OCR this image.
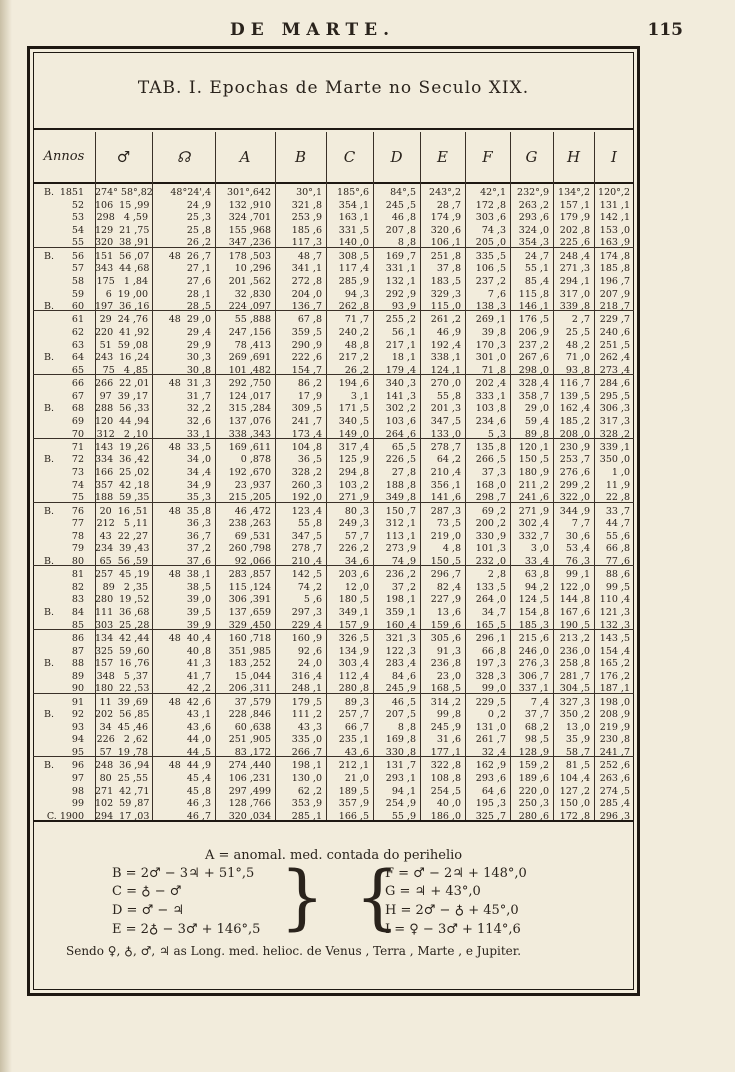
DE MARTE.	115
TAB. I. Epochas de Marte no Seculo XIX.
Annos	♂	☊	A	B	C	D	E	F	G	H	I
B. 1851 274° 58°,82	48°24',4	301°,642	30°,1	185°,6	84°,5	243°,2	42°,1	232°,9 134°,2 120°,2
52 106  15 ,99	24 ,9	132 ,910	321 ,8	354 ,1	245 ,5	28 ,7	172 ,8	263 ,2	157 ,1	131 ,1
53 298   4 ,59	25 ,3	324 ,701	253 ,9	163 ,1	46 ,8	174 ,9	303 ,6	293 ,6	179 ,9	142 ,1
54 129  21 ,75	25 ,8	155 ,968	185 ,6	331 ,5	207 ,8	320 ,6	74 ,3	324 ,0	202 ,8	153 ,0
55 320  38 ,91	26 ,2	347 ,236	117 ,3	140 ,0	8 ,8	106 ,1	205 ,0	354 ,3	225 ,6	163 ,9
B.	56 151  56 ,07	48  26 ,7	178 ,503	48 ,7	308 ,5	169 ,7	251 ,8	335 ,5	24 ,7	248 ,4	174 ,8
57 343  44 ,68	27 ,1	10 ,296	341 ,1	117 ,4	331 ,1	37 ,8	106 ,5	55 ,1	271 ,3	185 ,8
58 175   1 ,84	27 ,6	201 ,562	272 ,8	285 ,9	132 ,1	183 ,5	237 ,2	85 ,4	294 ,1	196 ,7
59	6  19 ,00	28 ,1	32 ,830	204 ,0	94 ,3	292 ,9	329 ,3	7 ,6	115 ,8	317 ,0	207 ,9
B.	60 197  36 ,16	28 ,5	224 ,097	136 ,7	262 ,8	93 ,9	115 ,0	138 ,3	146 ,1	339 ,8	218 ,7
61	29  24 ,76	48  29 ,0	55 ,888	67 ,8	71 ,7	255 ,2	261 ,2	269 ,1	176 ,5	2 ,7	229 ,7
62 220  41 ,92	29 ,4	247 ,156	359 ,5	240 ,2	56 ,1	46 ,9	39 ,8	206 ,9	25 ,5	240 ,6
63	51  59 ,08	29 ,9	78 ,413	290 ,9	48 ,8	217 ,1	192 ,4	170 ,3	237 ,2	48 ,2	251 ,5
B.	64 243  16 ,24	30 ,3	269 ,691	222 ,6	217 ,2	18 ,1	338 ,1	301 ,0	267 ,6	71 ,0	262 ,4
65	75   4 ,85	30 ,8	101 ,482	154 ,7	26 ,2	179 ,4	124 ,1	71 ,8	298 ,0	93 ,8	273 ,4
66 266  22 ,01	48  31 ,3	292 ,750	86 ,2	194 ,6	340 ,3	270 ,0	202 ,4	328 ,4	116 ,7	284 ,6
67	97  39 ,17	31 ,7	124 ,017	17 ,9	3 ,1	141 ,3	55 ,8	333 ,1	358 ,7	139 ,5	295 ,5
B.	68 288  56 ,33	32 ,2	315 ,284	309 ,5	171 ,5	302 ,2	201 ,3	103 ,8	29 ,0	162 ,4	306 ,3
69 120  44 ,94	32 ,6	137 ,076	241 ,7	340 ,5	103 ,6	347 ,5	234 ,6	59 ,4	185 ,2	317 ,3
70 312   2 ,10	33 ,1	338 ,343	173 ,4	149 ,0	264 ,6	133 ,0	5 ,3	89 ,8	208 ,0	328 ,2
71 143  19 ,26	48  33 ,5	169 ,611	104 ,8	317 ,4	65 ,5	278 ,7	135 ,8	120 ,1	230 ,9	339 ,1
B.	72 334  36 ,42	34 ,0	0 ,878	36 ,5	125 ,9	226 ,5	64 ,2	266 ,5	150 ,5	253 ,7	350 ,0
73 166  25 ,02	34 ,4	192 ,670	328 ,2	294 ,8	27 ,8	210 ,4	37 ,3	180 ,9	276 ,6	1 ,0
74 357  42 ,18	34 ,9	23 ,937	260 ,3	103 ,2	188 ,8	356 ,1	168 ,0	211 ,2	299 ,2	11 ,9
75 188  59 ,35	35 ,3	215 ,205	192 ,0	271 ,9	349 ,8	141 ,6	298 ,7	241 ,6	322 ,0	22 ,8
B.	76	20  16 ,51	48  35 ,8	46 ,472	123 ,4	80 ,3	150 ,7	287 ,3	69 ,2	271 ,9	344 ,9	33 ,7
77 212   5 ,11	36 ,3	238 ,263	55 ,8	249 ,3	312 ,1	73 ,5	200 ,2	302 ,4	7 ,7	44 ,7
78	43  22 ,27	36 ,7	69 ,531	347 ,5	57 ,7	113 ,1	219 ,0	330 ,9	332 ,7	30 ,6	55 ,6
79 234  39 ,43	37 ,2	260 ,798	278 ,7	226 ,2	273 ,9	4 ,8	101 ,3	3 ,0	53 ,4	66 ,8
B.	80	65  56 ,59	37 ,6	92 ,066	210 ,4	34 ,6	74 ,9	150 ,5	232 ,0	33 ,4	76 ,3	77 ,6
81 257  45 ,19	48  38 ,1	283 ,857	142 ,5	203 ,6	236 ,2	296 ,7	2 ,8	63 ,8	99 ,1	88 ,6
82	89   2 ,35	38 ,5	115 ,124	74 ,2	12 ,0	37 ,2	82 ,4	133 ,5	94 ,2	122 ,0	99 ,5
83 280  19 ,52	39 ,0	306 ,391	5 ,6	180 ,5	198 ,1	227 ,9	264 ,0	124 ,5	144 ,8	110 ,4
B.	84 111  36 ,68	39 ,5	137 ,659	297 ,3	349 ,1	359 ,1	13 ,6	34 ,7	154 ,8	167 ,6	121 ,3
85 303  25 ,28	39 ,9	329 ,450	229 ,4	157 ,9	160 ,4	159 ,6	165 ,5	185 ,3	190 ,5	132 ,3
86 134  42 ,44	48  40 ,4	160 ,718	160 ,9	326 ,5	321 ,3	305 ,6	296 ,1	215 ,6	213 ,2	143 ,5
87 325  59 ,60	40 ,8	351 ,985	92 ,6	134 ,9	122 ,3	91 ,3	66 ,8	246 ,0	236 ,0	154 ,4
B.	88 157  16 ,76	41 ,3	183 ,252	24 ,0	303 ,4	283 ,4	236 ,8	197 ,3	276 ,3	258 ,8	165 ,2
89 348   5 ,37	41 ,7	15 ,044	316 ,4	112 ,4	84 ,6	23 ,0	328 ,3	306 ,7	281 ,7	176 ,2
90 180  22 ,53	42 ,2	206 ,311	248 ,1	280 ,8	245 ,9	168 ,5	99 ,0	337 ,1	304 ,5	187 ,1
91	11  39 ,69	48  42 ,6	37 ,579	179 ,5	89 ,3	46 ,5	314 ,2	229 ,5	7 ,4	327 ,3	198 ,0
B.	92 202  56 ,85	43 ,1	228 ,846	111 ,2	257 ,7	207 ,5	99 ,8	0 ,2	37 ,7	350 ,2	208 ,9
93	34  45 ,46	43 ,6	60 ,638	43 ,3	66 ,7	8 ,8	245 ,9	131 ,0	68 ,2	13 ,0	219 ,9
94 226   2 ,62	44 ,0	251 ,905	335 ,0	235 ,1	169 ,8	31 ,6	261 ,7	98 ,5	35 ,9	230 ,8
95	57  19 ,78	44 ,5	83 ,172	266 ,7	43 ,6	330 ,8	177 ,1	32 ,4	128 ,9	58 ,7	241 ,7
B.	96 248  36 ,94	48  44 ,9	274 ,440	198 ,1	212 ,1	131 ,7	322 ,8	162 ,9	159 ,2	81 ,5	252 ,6
97	80  25 ,55	45 ,4	106 ,231	130 ,0	21 ,0	293 ,1	108 ,8	293 ,6	189 ,6	104 ,4	263 ,6
98 271  42 ,71	45 ,8	297 ,499	62 ,2	189 ,5	94 ,1	254 ,5	64 ,6	220 ,0	127 ,2	274 ,5
99 102  59 ,87	46 ,3	128 ,766	353 ,9	357 ,9	254 ,9	40 ,0	195 ,3	250 ,3	150 ,0	285 ,4
C. 1900 294  17 ,03	46 ,7	320 ,034	285 ,1	166 ,5	55 ,9	186 ,0	325 ,7	280 ,6	172 ,8	296 ,3
A = anomal. med. contada do perihelio
B = 2♂ − 3♃ + 51°,5
C = ♁ − ♂
D = ♂ − ♃
E = 2♁ − 3♂ + 146°,5 } {
F = ♂ − 2♃ + 148°,0
G = ♃ + 43°,0
H = 2♂ − ♁ + 45°,0
I = ♀ − 3♂ + 114°,6
Sendo ♀, ♁, ♂, ♃ as Long. med. helioc. de Venus , Terra , Marte , e Jupiter.
